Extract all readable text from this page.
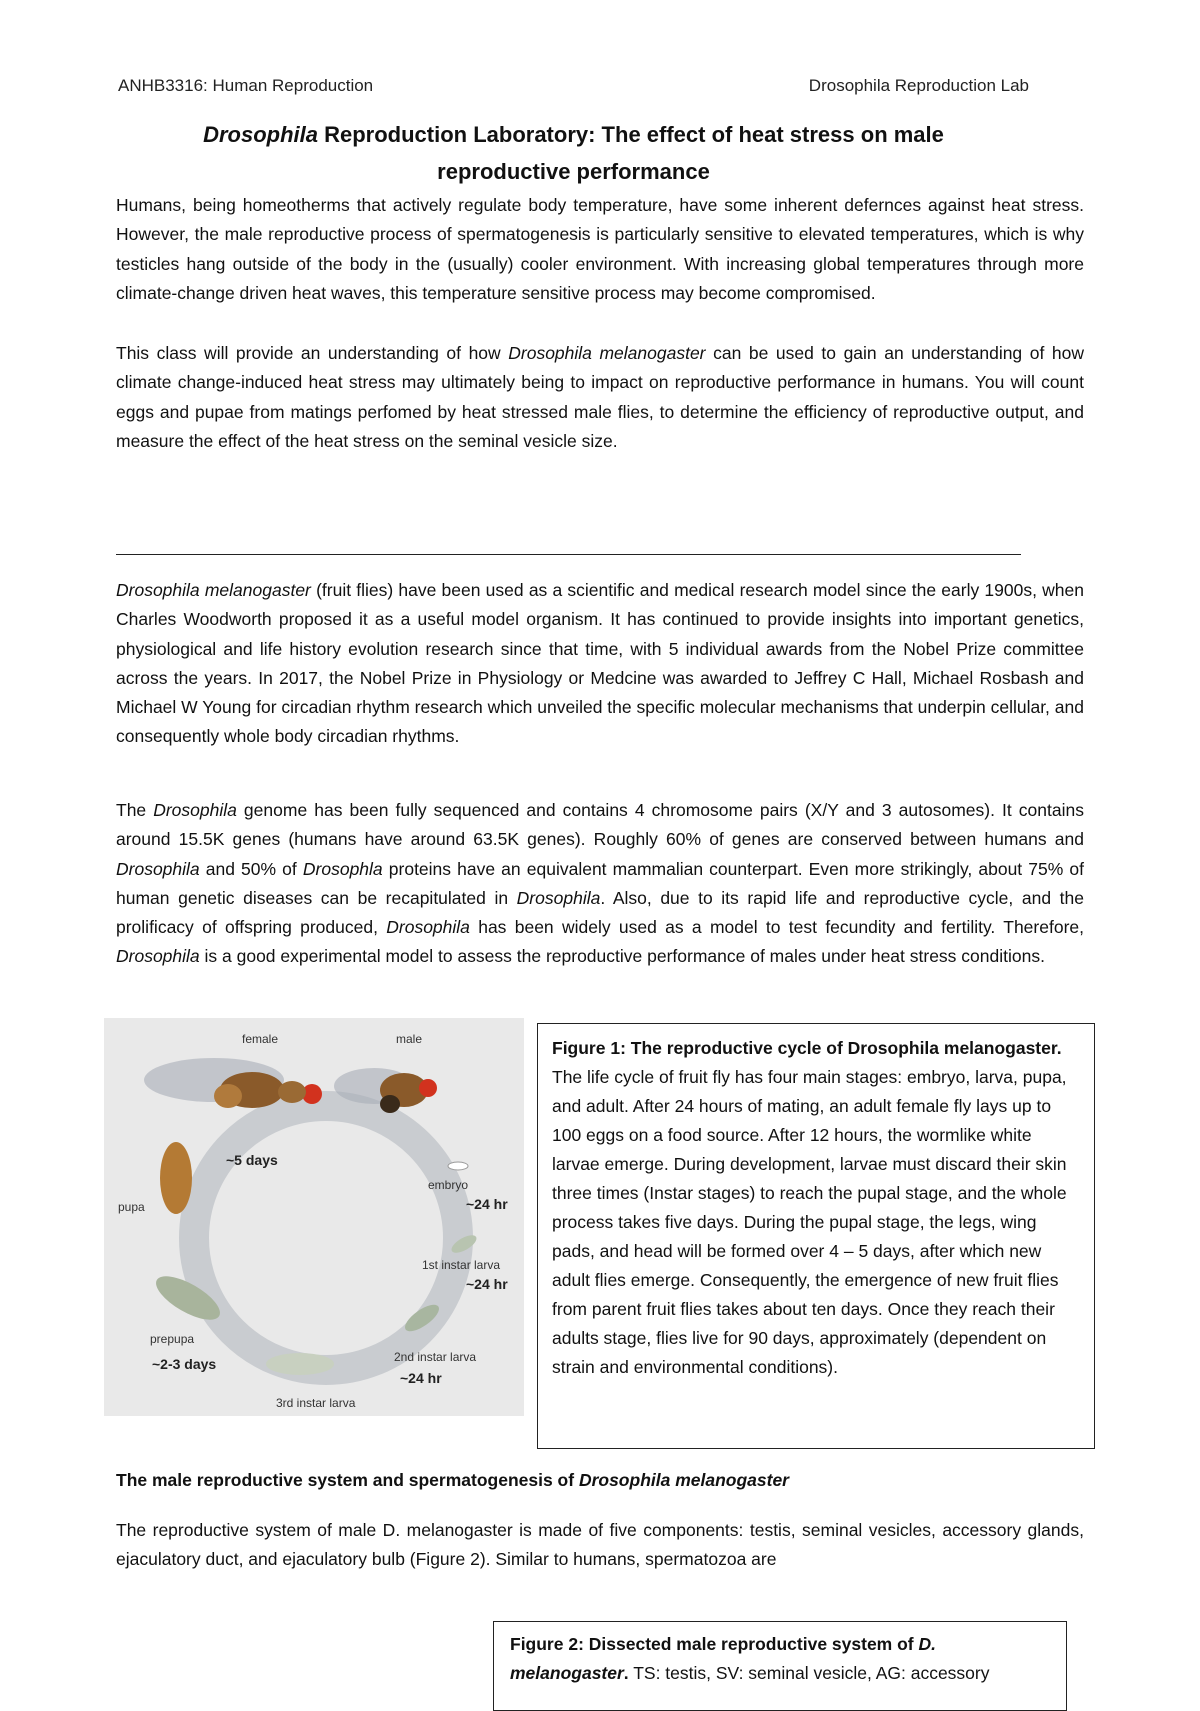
ANHB3316: Human Reproduction	Drosophila Reproduction Lab
Drosophila Reproduction Laboratory: The effect of heat stress on male
reproductive performance

Humans, being homeotherms that actively regulate body temperature, have some inherent defernces against heat stress. However, the male reproductive process of spermatogenesis is particularly sensitive to elevated temperatures, which is why testicles hang outside of the body in the (usually) cooler environment. With increasing global temperatures through more climate-change driven heat waves, this temperature sensitive process may become compromised.

This class will provide an understanding of how Drosophila melanogaster can be used to gain an understanding of how climate change-induced heat stress may ultimately being to impact on reproductive performance in humans. You will count eggs and pupae from matings perfomed by heat stressed male flies, to determine the efficiency of reproductive output, and measure the effect of the heat stress on the seminal vesicle size.

Drosophila melanogaster (fruit flies) have been used as a scientific and medical research model since the early 1900s, when Charles Woodworth proposed it as a useful model organism. It has continued to provide insights into important genetics, physiological and life history evolution research since that time, with 5 individual awards from the Nobel Prize committee across the years. In 2017, the Nobel Prize in Physiology or Medcine was awarded to Jeffrey C Hall, Michael Rosbash and Michael W Young for circadian rhythm research which unveiled the specific molecular mechanisms that underpin cellular, and consequently whole body circadian rhythms.

The Drosophila genome has been fully sequenced and contains 4 chromosome pairs (X/Y and 3 autosomes). It contains around 15.5K genes (humans have around 63.5K genes). Roughly 60% of genes are conserved between humans and Drosophila and 50% of Drosophla proteins have an equivalent mammalian counterpart. Even more strikingly, about 75% of human genetic diseases can be recapitulated in Drosophila. Also, due to its rapid life and reproductive cycle, and the prolificacy of offspring produced, Drosophila has been widely used as a model to test fecundity and fertility. Therefore, Drosophila is a good experimental model to assess the reproductive performance of males under heat stress conditions.

female	male
~5 days
embryo
~24 hr
pupa
1st instar larva
~24 hr
prepupa
~2-3 days	2nd instar larva
~24 hr
3rd instar larva
Figure 1: The reproductive cycle of Drosophila melanogaster. The life cycle of fruit fly has four main stages: embryo, larva, pupa, and adult. After 24 hours of mating, an adult female fly lays up to 100 eggs on a food source. After 12 hours, the wormlike white larvae emerge. During development, larvae must discard their skin three times (Instar stages) to reach the pupal stage, and the whole process takes five days. During the pupal stage, the legs, wing pads, and head will be formed over 4 – 5 days, after which new adult flies emerge. Consequently, the emergence of new fruit flies from parent fruit flies takes about ten days. Once they reach their adults stage, flies live for 90 days, approximately (dependent on strain and environmental conditions).
The male reproductive system and spermatogenesis of Drosophila melanogaster

The reproductive system of male D. melanogaster is made of five components: testis, seminal vesicles, accessory glands, ejaculatory duct, and ejaculatory bulb (Figure 2). Similar to humans, spermatozoa are

Figure 2: Dissected male reproductive system of D. melanogaster. TS: testis, SV: seminal vesicle, AG: accessory
